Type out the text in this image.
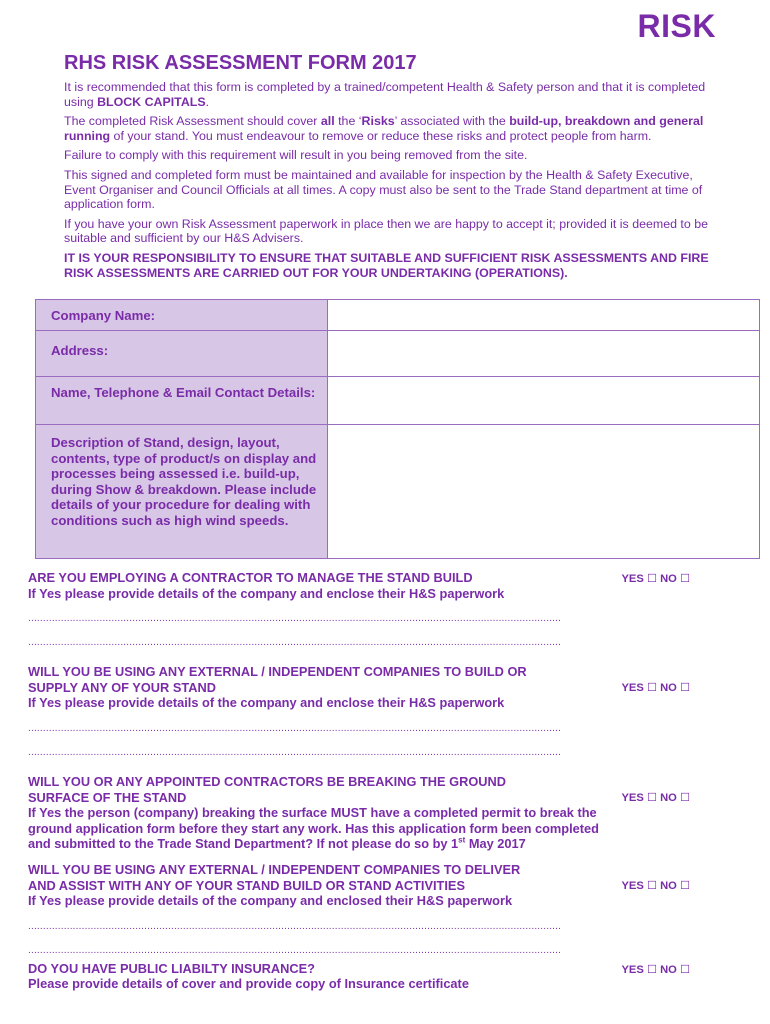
RISK
RHS RISK ASSESSMENT FORM 2017

It is recommended that this form is completed by a trained/competent Health & Safety person and that it is completed using BLOCK CAPITALS.

The completed Risk Assessment should cover all the ‘Risks’ associated with the build-up, breakdown and general running of your stand. You must endeavour to remove or reduce these risks and protect people from harm.

Failure to comply with this requirement will result in you being removed from the site.

This signed and completed form must be maintained and available for inspection by the Health & Safety Executive, Event Organiser and Council Officials at all times. A copy must also be sent to the Trade Stand department at time of application form.

If you have your own Risk Assessment paperwork in place then we are happy to accept it; provided it is deemed to be suitable and sufficient by our H&S Advisers.

IT IS YOUR RESPONSIBILITY TO ENSURE THAT SUITABLE AND SUFFICIENT RISK ASSESSMENTS AND FIRE RISK ASSESSMENTS ARE CARRIED OUT FOR YOUR UNDERTAKING (OPERATIONS).

Company Name:	
Address:	
Name, Telephone & Email Contact Details:	
Description of Stand, design, layout, contents, type of product/s on display and processes being assessed i.e. build-up, during Show & breakdown. Please include details of your procedure for dealing with conditions such as high wind speeds.	
YES ☐ NO ☐
ARE YOU EMPLOYING A CONTRACTOR TO MANAGE THE STAND BUILD
If Yes please provide details of the company and enclose their H&S paperwork
...................................................................................................................................................................................
...................................................................................................................................................................................
YES ☐ NO ☐
WILL YOU BE USING ANY EXTERNAL / INDEPENDENT COMPANIES TO BUILD OR
SUPPLY ANY OF YOUR STAND
If Yes please provide details of the company and enclose their H&S paperwork
...................................................................................................................................................................................
...................................................................................................................................................................................
YES ☐ NO ☐
WILL YOU OR ANY APPOINTED CONTRACTORS BE BREAKING THE GROUND
SURFACE OF THE STAND
If Yes the person (company) breaking the surface MUST have a completed permit to break the
ground application form before they start any work. Has this application form been completed
and submitted to the Trade Stand Department? If not please do so by 1st May 2017
YES ☐ NO ☐
WILL YOU BE USING ANY EXTERNAL / INDEPENDENT COMPANIES TO DELIVER
AND ASSIST WITH ANY OF YOUR STAND BUILD OR STAND ACTIVITIES
If Yes please provide details of the company and enclosed their H&S paperwork
...................................................................................................................................................................................
...................................................................................................................................................................................
YES ☐ NO ☐
DO YOU HAVE PUBLIC LIABILTY INSURANCE?
Please provide details of cover and provide copy of Insurance certificate
